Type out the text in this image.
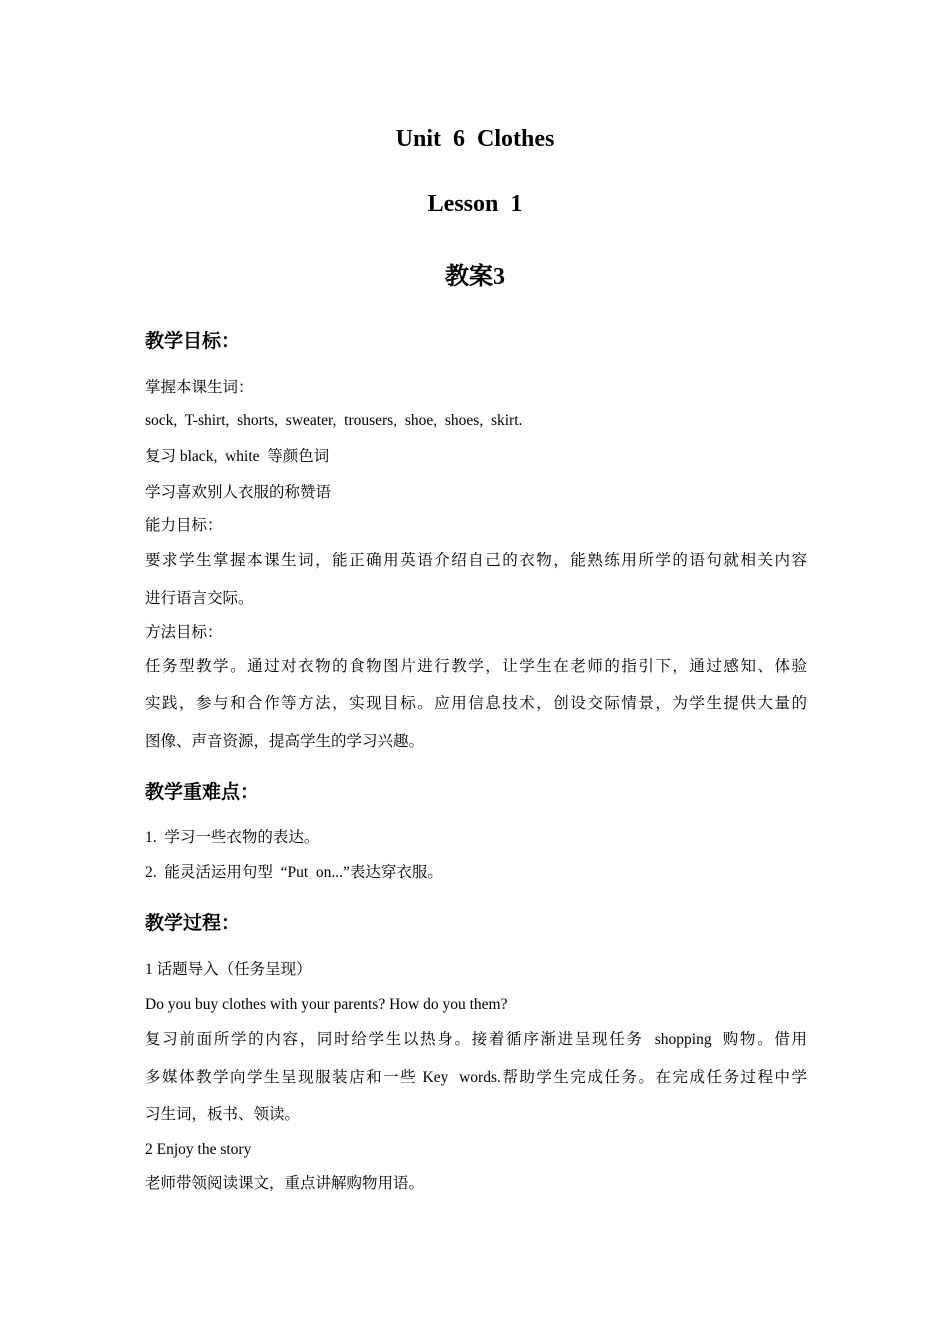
Unit  6  Clothes
Lesson  1
教案3
教学目标：
掌握本课生词：
sock,  T-shirt,  shorts,  sweater,  trousers,  shoe,  shoes,  skirt.
复习 black,  white  等颜色词
学习喜欢别人衣服的称赞语
能力目标：
要求学生掌握本课生词，能正确用英语介绍自己的衣物，能熟练用所学的语句就相关内容
进行语言交际。
方法目标：
任务型教学。通过对衣物的食物图片进行教学，让学生在老师的指引下，通过感知、体验
实践，参与和合作等方法，实现目标。应用信息技术，创设交际情景，为学生提供大量的
图像、声音资源，提高学生的学习兴趣。
教学重难点：
1.  学习一些衣物的表达。
2.  能灵活运用句型  “Put  on...”表达穿衣服。
教学过程：
1 话题导入（任务呈现）
Do you buy clothes with your parents? How do you them?
复习前面所学的内容，同时给学生以热身。接着循序渐进呈现任务  shopping  购物。借用
多媒体教学向学生呈现服装店和一些 Key  words.帮助学生完成任务。在完成任务过程中学
习生词，板书、领读。
2 Enjoy the story
老师带领阅读课文，重点讲解购物用语。
